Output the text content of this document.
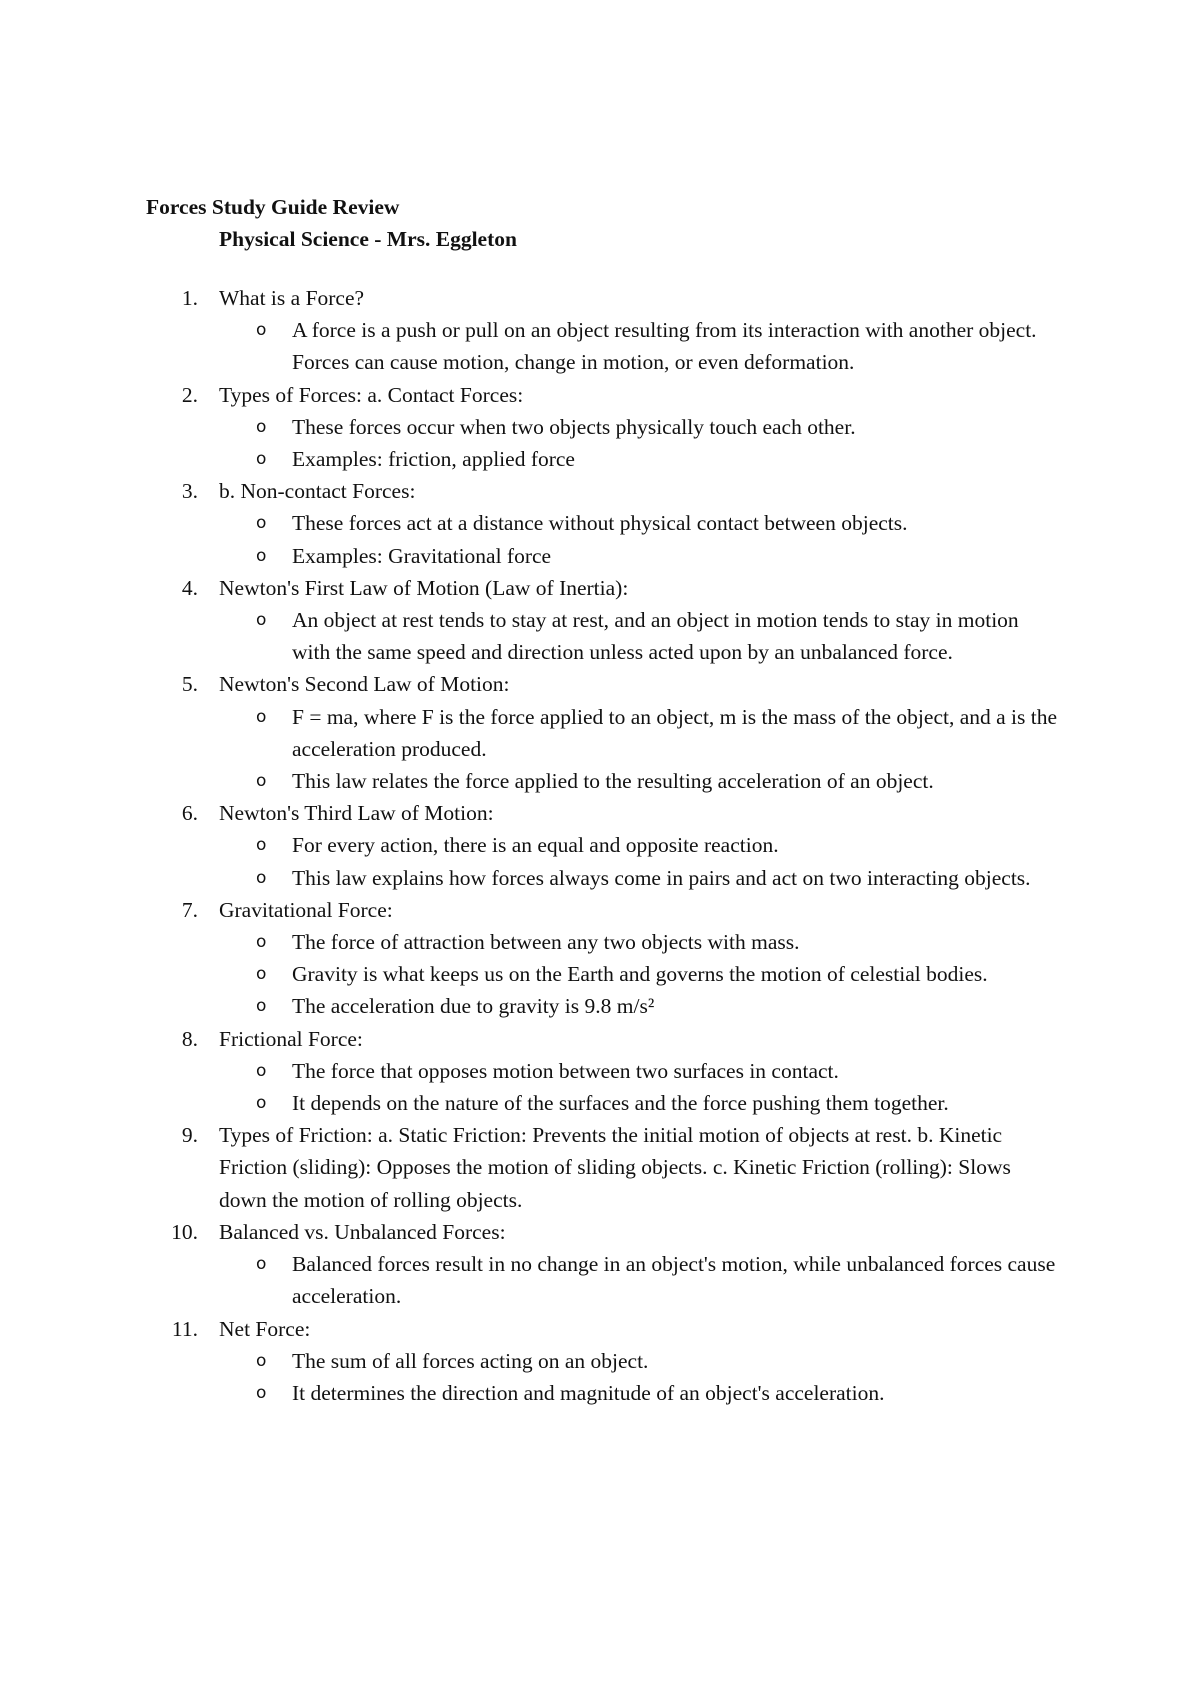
Forces Study Guide Review
Physical Science - Mrs. Eggleton
1. What is a Force?
o A force is a push or pull on an object resulting from its interaction with another object. Forces can cause motion, change in motion, or even deformation.
2. Types of Forces: a. Contact Forces:
o These forces occur when two objects physically touch each other.
o Examples: friction, applied force
3. b. Non-contact Forces:
o These forces act at a distance without physical contact between objects.
o Examples: Gravitational force
4. Newton's First Law of Motion (Law of Inertia):
o An object at rest tends to stay at rest, and an object in motion tends to stay in motion with the same speed and direction unless acted upon by an unbalanced force.
5. Newton's Second Law of Motion:
o F = ma, where F is the force applied to an object, m is the mass of the object, and a is the acceleration produced.
o This law relates the force applied to the resulting acceleration of an object.
6. Newton's Third Law of Motion:
o For every action, there is an equal and opposite reaction.
o This law explains how forces always come in pairs and act on two interacting objects.
7. Gravitational Force:
o The force of attraction between any two objects with mass.
o Gravity is what keeps us on the Earth and governs the motion of celestial bodies.
o The acceleration due to gravity is 9.8 m/s²
8. Frictional Force:
o The force that opposes motion between two surfaces in contact.
o It depends on the nature of the surfaces and the force pushing them together.
9. Types of Friction: a. Static Friction: Prevents the initial motion of objects at rest. b. Kinetic Friction (sliding): Opposes the motion of sliding objects. c. Kinetic Friction (rolling): Slows down the motion of rolling objects.
10. Balanced vs. Unbalanced Forces:
o Balanced forces result in no change in an object's motion, while unbalanced forces cause acceleration.
11. Net Force:
o The sum of all forces acting on an object.
o It determines the direction and magnitude of an object's acceleration.
